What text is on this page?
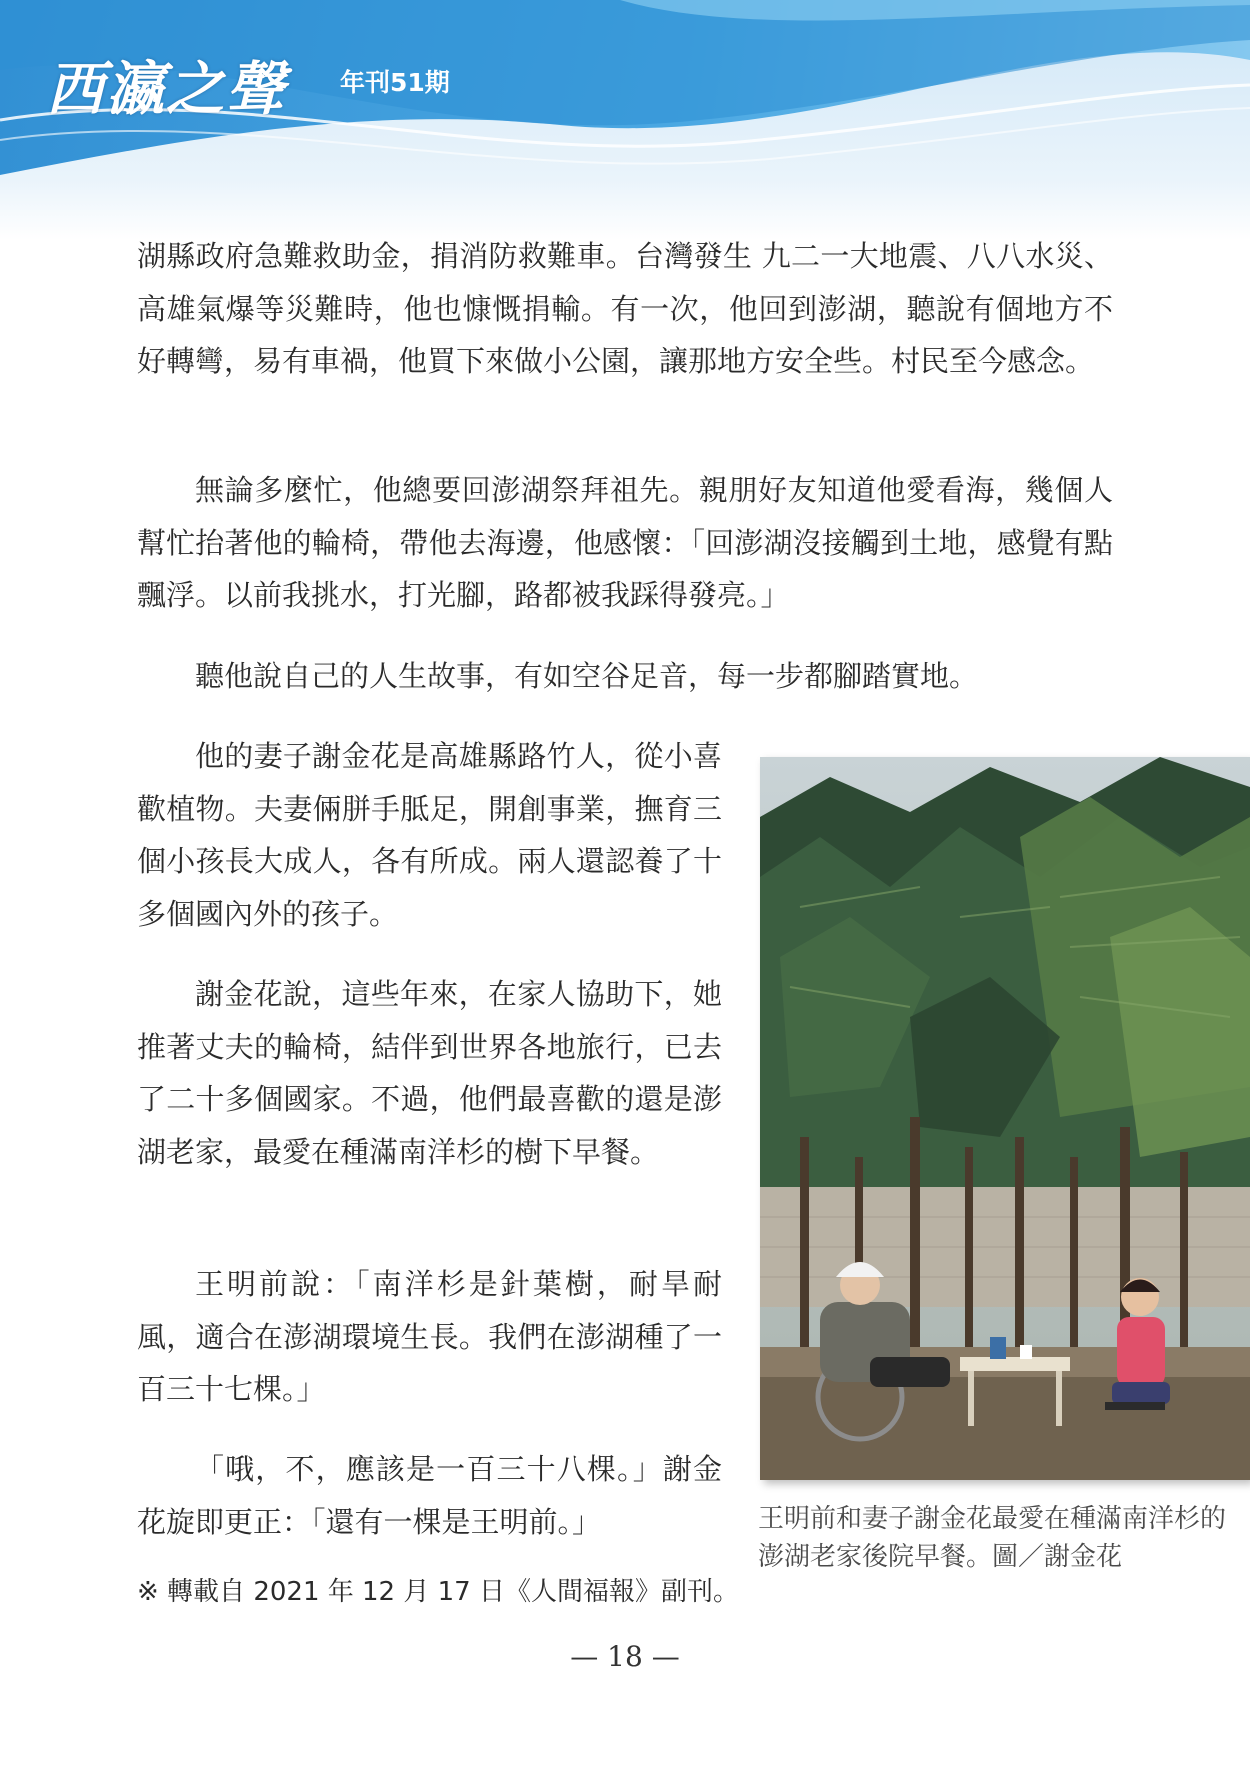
西瀛之聲 年刊51期

湖縣政府急難救助金，捐消防救難車。台灣發生 九二一大地震、八八水災、高雄氣爆等災難時，他也慷慨捐輸。有一次，他回到澎湖，聽說有個地方不好轉彎，易有車禍，他買下來做小公園，讓那地方安全些。村民至今感念。

無論多麼忙，他總要回澎湖祭拜祖先。親朋好友知道他愛看海，幾個人幫忙抬著他的輪椅，帶他去海邊，他感懷：「回澎湖沒接觸到土地，感覺有點飄浮。以前我挑水，打光腳，路都被我踩得發亮。」

聽他說自己的人生故事，有如空谷足音，每一步都腳踏實地。

他的妻子謝金花是高雄縣路竹人，從小喜歡植物。夫妻倆胼手胝足，開創事業，撫育三個小孩長大成人，各有所成。兩人還認養了十多個國內外的孩子。

謝金花說，這些年來，在家人協助下，她推著丈夫的輪椅，結伴到世界各地旅行，已去了二十多個國家。不過，他們最喜歡的還是澎湖老家，最愛在種滿南洋杉的樹下早餐。

王明前說：「南洋杉是針葉樹，耐旱耐風，適合在澎湖環境生長。我們在澎湖種了一百三十七棵。」

「哦，不，應該是一百三十八棵。」謝金花旋即更正：「還有一棵是王明前。」

※ 轉載自 2021 年 12 月 17 日《人間福報》副刊。
王明前和妻子謝金花最愛在種滿南洋杉的澎湖老家後院早餐。圖／謝金花
— 18 —
